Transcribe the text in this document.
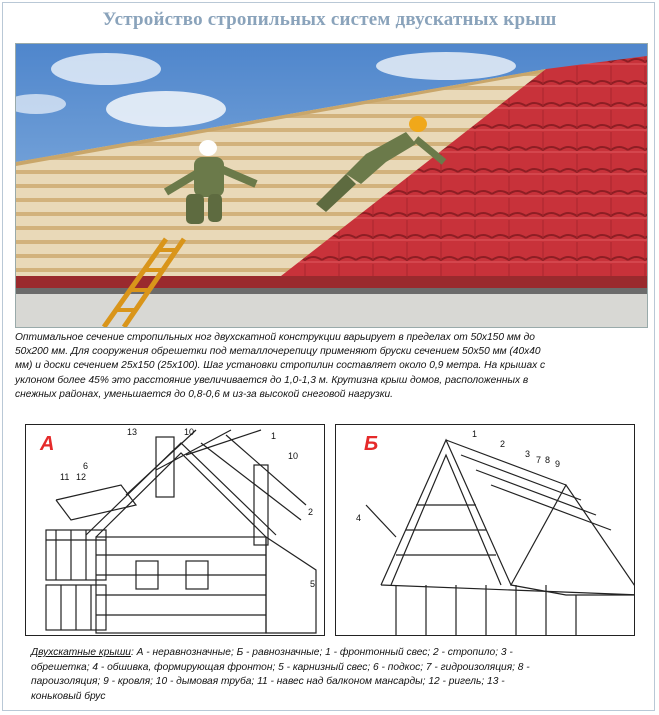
Устройство стропильных систем двускатных крыш
Оптимальное сечение стропильных ног двухскатной конструкции варьирует в пределах от 50х150 мм до
50х200 мм. Для сооружения обрешетки под металлочерепицу применяют бруски сечением 50х50 мм (40х40
мм) и доски сечением 25х150 (25х100). Шаг установки стропилин составляет около 0,9 метра. На крышах с
уклоном более 45% это расстояние увеличивается до 1,0-1,3 м. Крутизна крыш домов, расположенных в
снежных районах, уменьшается до 0,8-0,6 м из-за высокой снеговой нагрузки.
А
13	10	1
10
6
11 12
2
5
Б	1
2
3
7 8 9
4
Двухскатные крыши: А - неравнозначные; Б - равнозначные; 1 - фронтонный свес; 2 - стропило; 3 -
обрешетка; 4 - обшивка, формирующая фронтон; 5 - карнизный свес; 6 - подкос; 7 - гидроизоляция; 8 -
пароизоляция; 9 - кровля; 10 - дымовая труба; 11 - навес над балконом мансарды; 12 - ригель; 13 -
коньковый брус
